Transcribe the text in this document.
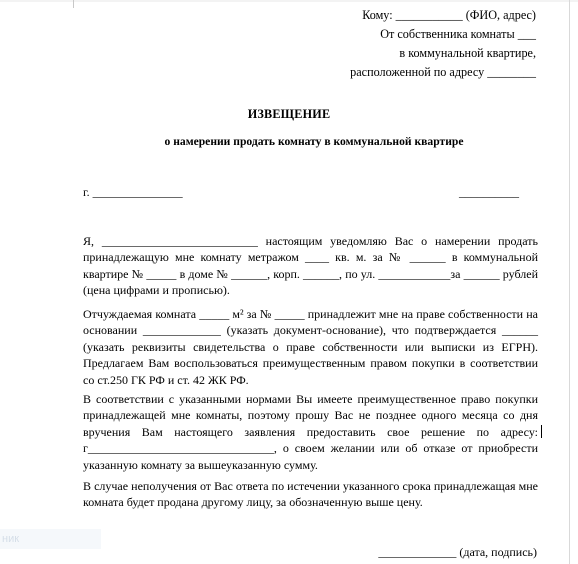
Кому: ___________ (ФИО, адрес)
От собственника комнаты ___
в коммунальной квартире,
расположенной по адресу ________
ИЗВЕЩЕНИЕ
о намерении продать комнату в коммунальной квартире
г. _______________	__________
Я, __________________________ настоящим уведомляю Вас о намерении продать принадлежащую мне комнату метражом ____ кв. м. за № ______ в коммунальной квартире № _____ в доме № ______, корп. ______, по ул. ____________за ______ рублей (цена цифрами и прописью).
Отчуждаемая комната _____ м² за № _____ принадлежит мне на праве собственности на основании _____________ (указать документ-основание), что подтверждается ______ (указать реквизиты свидетельства о праве собственности или выписки из ЕГРН). Предлагаем Вам воспользоваться преимущественным правом покупки в соответствии со ст.250 ГК РФ и ст. 42 ЖК РФ.
В соответствии с указанными нормами Вы имеете преимущественное право покупки принадлежащей мне комнаты, поэтому прошу Вас не позднее одного месяца со дня вручения Вам настоящего заявления предоставить свое решение по адресу: г_______________________________, о своем желании или об отказе от приобрести указанную комнату за вышеуказанную сумму.
В случае неполучения от Вас ответа по истечении указанного срока принадлежащая мне комната будет продана другому лицу, за обозначенную выше цену.
ник
_____________ (дата, подпись)
